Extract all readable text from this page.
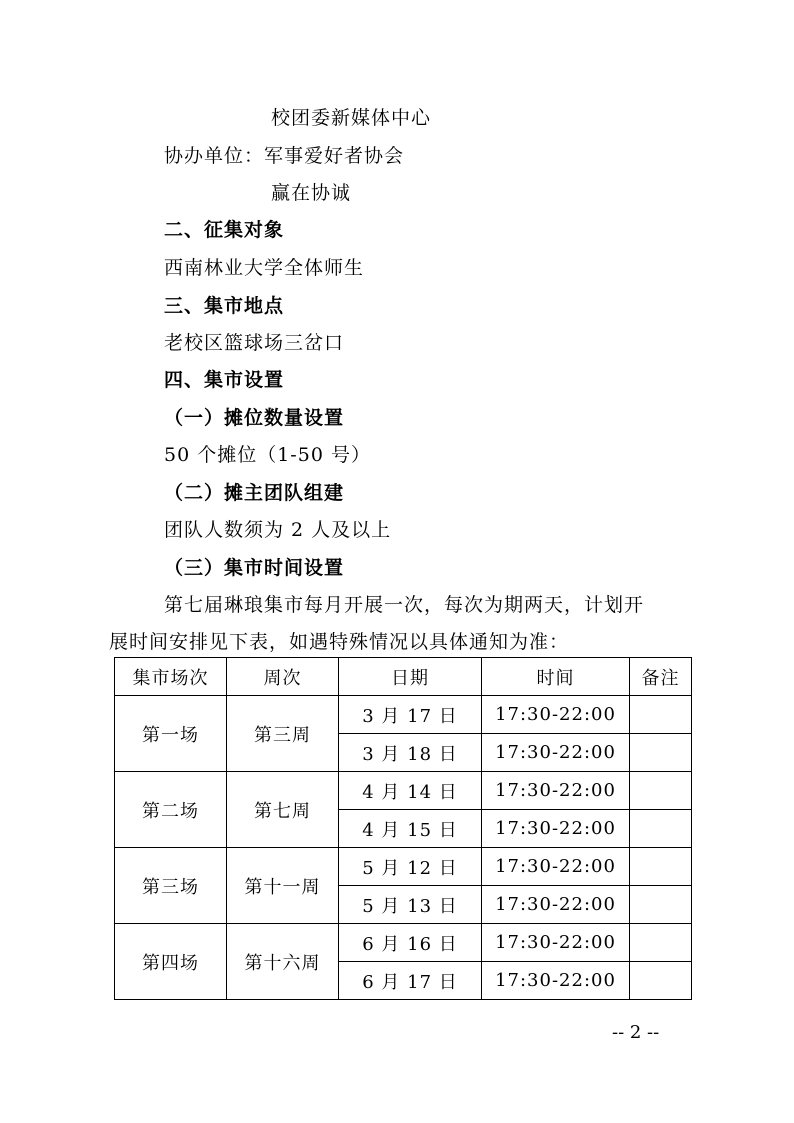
校团委新媒体中心
协办单位：军事爱好者协会
赢在协诚
二、征集对象
西南林业大学全体师生
三、集市地点
老校区篮球场三岔口
四、集市设置
（一）摊位数量设置
50 个摊位（1-50 号）
（二）摊主团队组建
团队人数须为 2 人及以上
（三）集市时间设置
第七届琳琅集市每月开展一次，每次为期两天，计划开
展时间安排见下表，如遇特殊情况以具体通知为准：
集市场次	周次	日期	时间	备注
第一场	第三周	3 月 17 日	17:30-22:00	
		3 月 18 日	17:30-22:00	
第二场	第七周	4 月 14 日	17:30-22:00	
		4 月 15 日	17:30-22:00	
第三场	第十一周	5 月 12 日	17:30-22:00	
		5 月 13 日	17:30-22:00	
第四场	第十六周	6 月 16 日	17:30-22:00	
		6 月 17 日	17:30-22:00	
-- 2 --
